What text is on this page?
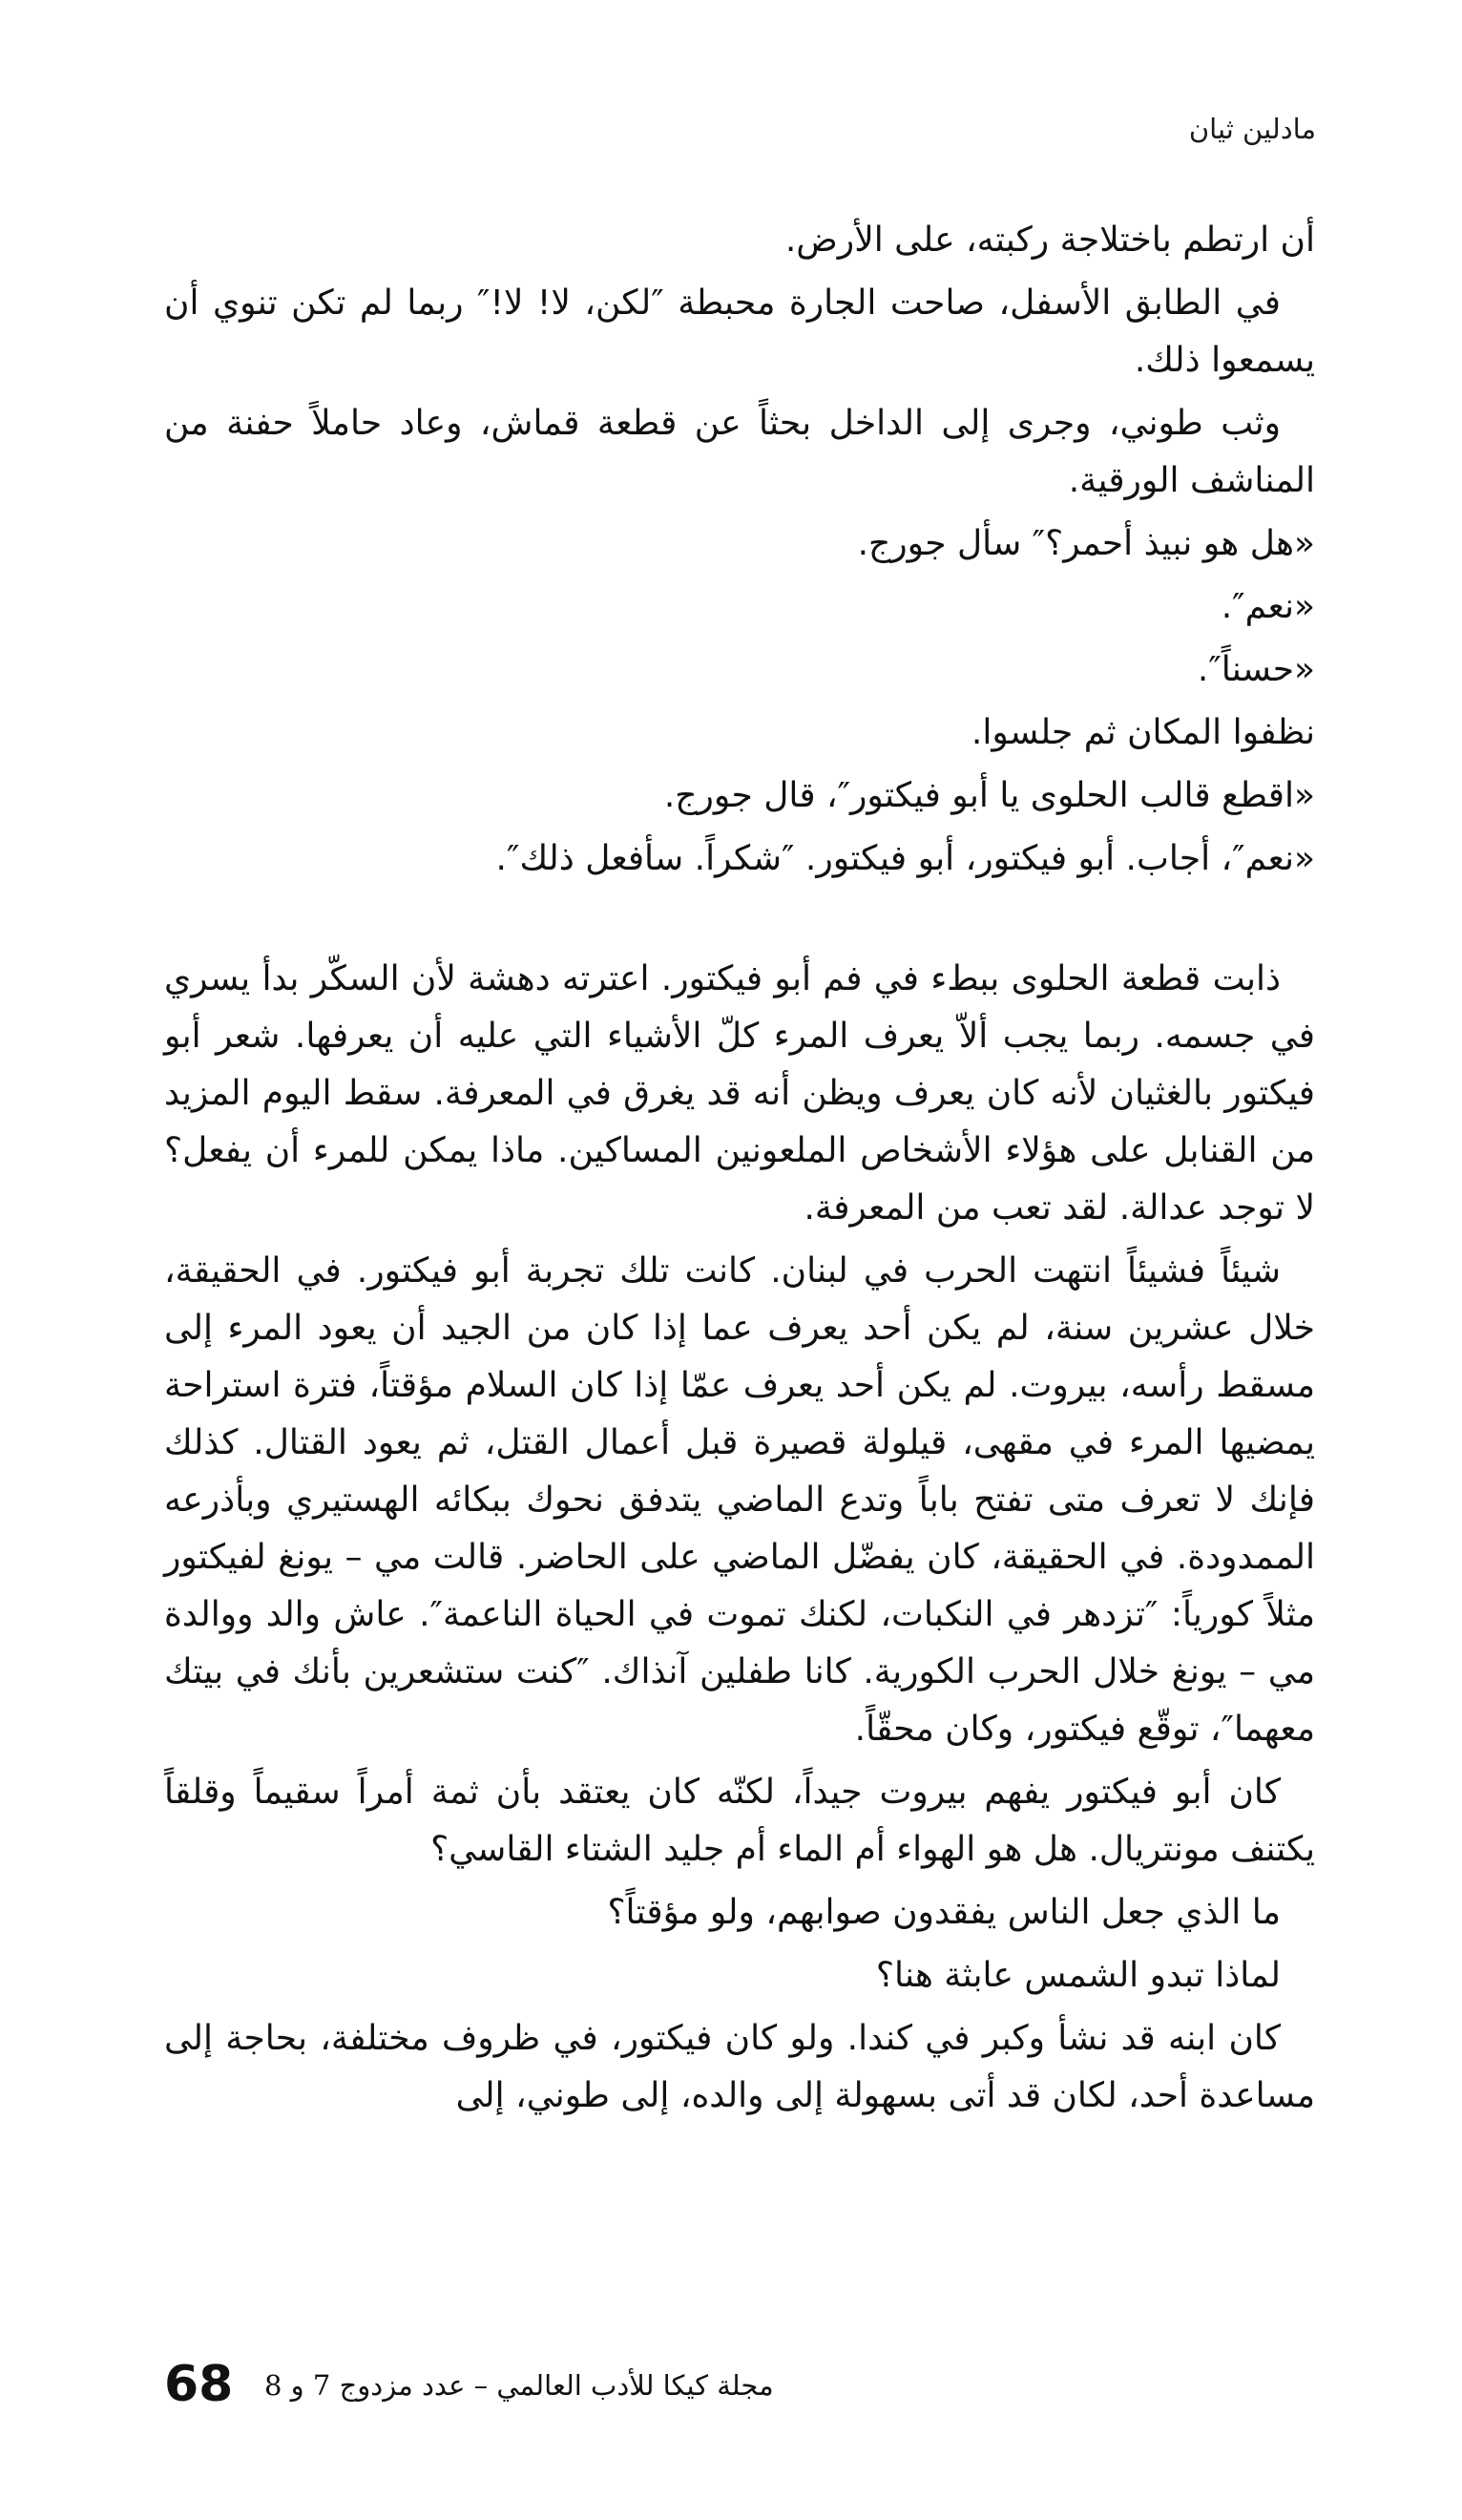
مادلين ثيان

أن ارتطم باختلاجة ركبته، على الأرض.

في الطابق الأسفل، صاحت الجارة محبطة ″لكن، لا! لا!″ ربما لم تكن تنوي أن يسمعوا ذلك.

وثب طوني، وجرى إلى الداخل بحثاً عن قطعة قماش، وعاد حاملاً حفنة من المناشف الورقية.

«هل هو نبيذ أحمر؟″ سأل جورج.

«نعم″.

«حسناً″.

نظفوا المكان ثم جلسوا.

«اقطع قالب الحلوى يا أبو فيكتور″، قال جورج.

«نعم″، أجاب. أبو فيكتور، أبو فيكتور. ″شكراً. سأفعل ذلك″.

ذابت قطعة الحلوى ببطء في فم أبو فيكتور. اعترته دهشة لأن السكّر بدأ يسري في جسمه. ربما يجب ألاّ يعرف المرء كلّ الأشياء التي عليه أن يعرفها. شعر أبو فيكتور بالغثيان لأنه كان يعرف ويظن أنه قد يغرق في المعرفة. سقط اليوم المزيد من القنابل على هؤلاء الأشخاص الملعونين المساكين. ماذا يمكن للمرء أن يفعل؟ لا توجد عدالة. لقد تعب من المعرفة.

شيئاً فشيئاً انتهت الحرب في لبنان. كانت تلك تجربة أبو فيكتور. في الحقيقة، خلال عشرين سنة، لم يكن أحد يعرف عما إذا كان من الجيد أن يعود المرء إلى مسقط رأسه، بيروت. لم يكن أحد يعرف عمّا إذا كان السلام مؤقتاً، فترة استراحة يمضيها المرء في مقهى، قيلولة قصيرة قبل أعمال القتل، ثم يعود القتال. كذلك فإنك لا تعرف متى تفتح باباً وتدع الماضي يتدفق نحوك ببكائه الهستيري وبأذرعه الممدودة. في الحقيقة، كان يفضّل الماضي على الحاضر. قالت مي – يونغ لفيكتور مثلاً كورياً: ″تزدهر في النكبات، لكنك تموت في الحياة الناعمة″. عاش والد ووالدة مي – يونغ خلال الحرب الكورية. كانا طفلين آنذاك. ″كنت ستشعرين بأنك في بيتك معهما″، توقّع فيكتور، وكان محقّاً.

كان أبو فيكتور يفهم بيروت جيداً، لكنّه كان يعتقد بأن ثمة أمراً سقيماً وقلقاً يكتنف مونتريال. هل هو الهواء أم الماء أم جليد الشتاء القاسي؟

ما الذي جعل الناس يفقدون صوابهم، ولو مؤقتاً؟

لماذا تبدو الشمس عابثة هنا؟

كان ابنه قد نشأ وكبر في كندا. ولو كان فيكتور، في ظروف مختلفة، بحاجة إلى مساعدة أحد، لكان قد أتى بسهولة إلى والده، إلى طوني، إلى

68 مجلة كيكا للأدب العالمي – عدد مزدوج 7 و 8
